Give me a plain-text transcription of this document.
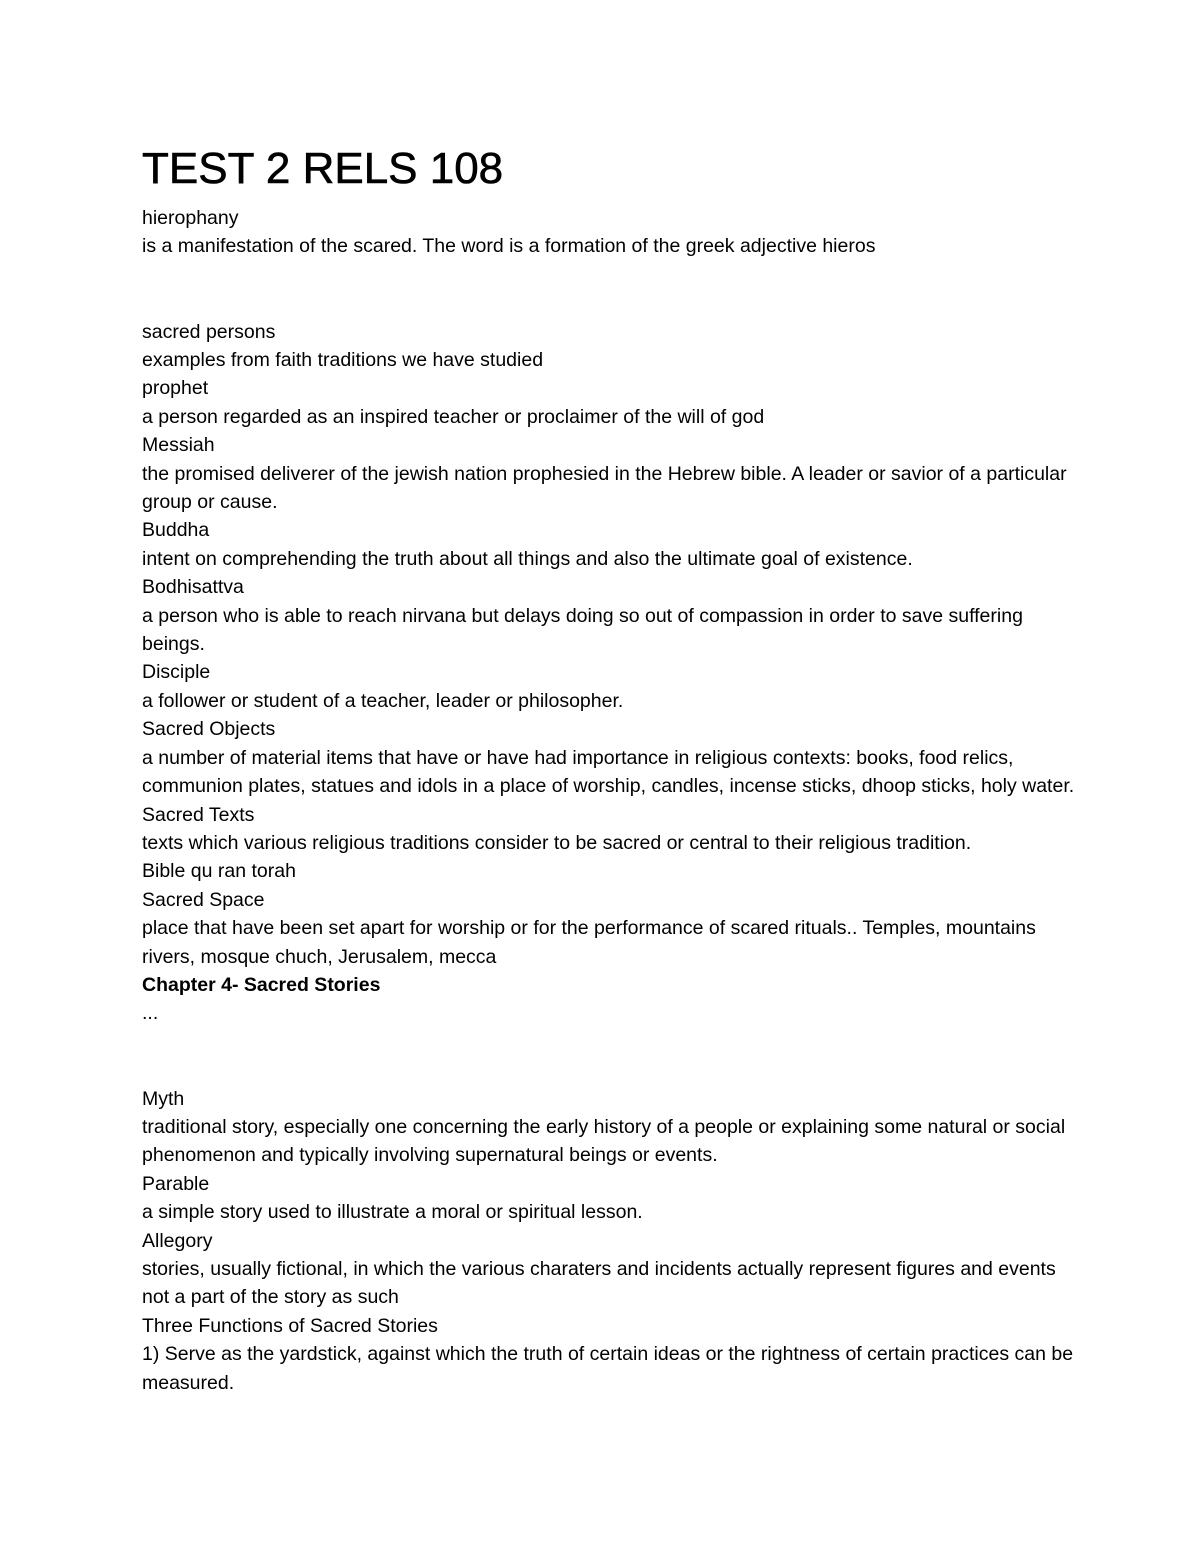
TEST 2 RELS 108

hierophany

is a manifestation of the scared. The word is a formation of the greek adjective hieros

sacred persons

examples from faith traditions we have studied

prophet

a person regarded as an inspired teacher or proclaimer of the will of god

Messiah

the promised deliverer of the jewish nation prophesied in the Hebrew bible. A leader or savior of a particular group or cause.

Buddha

intent on comprehending the truth about all things and also the ultimate goal of existence.

Bodhisattva

a person who is able to reach nirvana but delays doing so out of compassion in order to save suffering beings.

Disciple

a follower or student of a teacher, leader or philosopher.

Sacred Objects

a number of material items that have or have had importance in religious contexts: books, food relics, communion plates, statues and idols in a place of worship, candles, incense sticks, dhoop sticks, holy water.

Sacred Texts

texts which various religious traditions consider to be sacred or central to their religious tradition.

Bible qu ran torah

Sacred Space

place that have been set apart for worship or for the performance of scared rituals.. Temples, mountains rivers, mosque chuch, Jerusalem, mecca

Chapter 4- Sacred Stories

...

Myth

traditional story, especially one concerning the early history of a people or explaining some natural or social phenomenon and typically involving supernatural beings or events.

Parable

a simple story used to illustrate a moral or spiritual lesson.

Allegory

stories, usually fictional, in which the various charaters and incidents actually represent figures and events not a part of the story as such

Three Functions of Sacred Stories

1) Serve as the yardstick, against which the truth of certain ideas or the rightness of certain practices can be measured.
